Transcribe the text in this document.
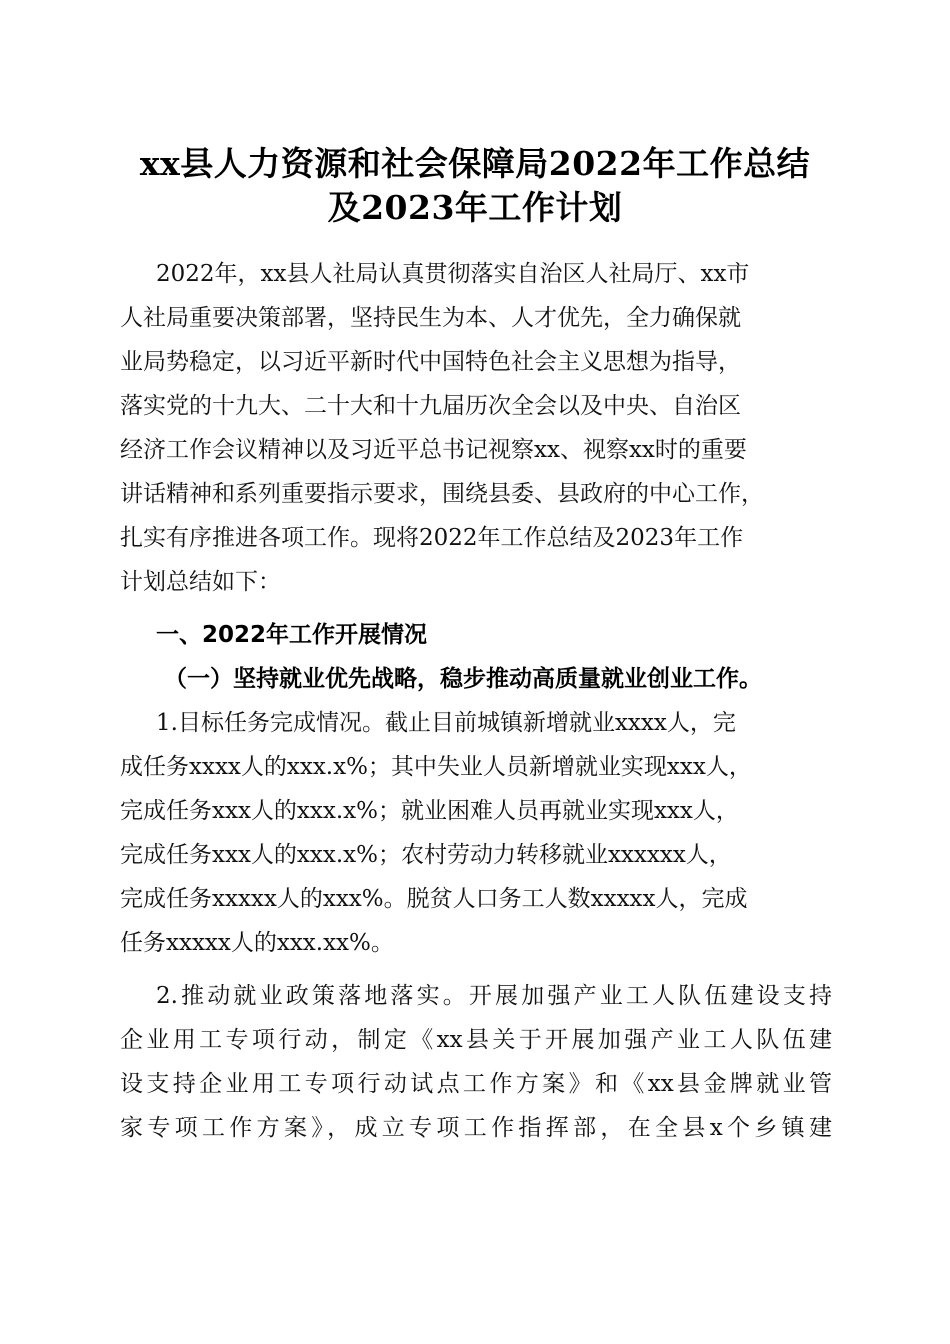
xx县人力资源和社会保障局2022年工作总结
及2023年工作计划
2022年，xx县人社局认真贯彻落实自治区人社局厅、xx市
人社局重要决策部署，坚持民生为本、人才优先，全力确保就
业局势稳定，以习近平新时代中国特色社会主义思想为指导，
落实党的十九大、二十大和十九届历次全会以及中央、自治区
经济工作会议精神以及习近平总书记视察xx、视察xx时的重要
讲话精神和系列重要指示要求，围绕县委、县政府的中心工作，
扎实有序推进各项工作。现将2022年工作总结及2023年工作
计划总结如下：
一、2022年工作开展情况
（一）坚持就业优先战略，稳步推动高质量就业创业工作。
1.目标任务完成情况。截止目前城镇新增就业xxxx人，完
成任务xxxx人的xxx.x%；其中失业人员新增就业实现xxx人，
完成任务xxx人的xxx.x%；就业困难人员再就业实现xxx人，
完成任务xxx人的xxx.x%；农村劳动力转移就业xxxxxx人，
完成任务xxxxx人的xxx%。脱贫人口务工人数xxxxx人，完成
任务xxxxx人的xxx.xx%。
2.推动就业政策落地落实。开展加强产业工人队伍建设支持
企业用工专项行动，制定《xx县关于开展加强产业工人队伍建
设支持企业用工专项行动试点工作方案》和《xx县金牌就业管
家专项工作方案》，成立专项工作指挥部，在全县x个乡镇建
